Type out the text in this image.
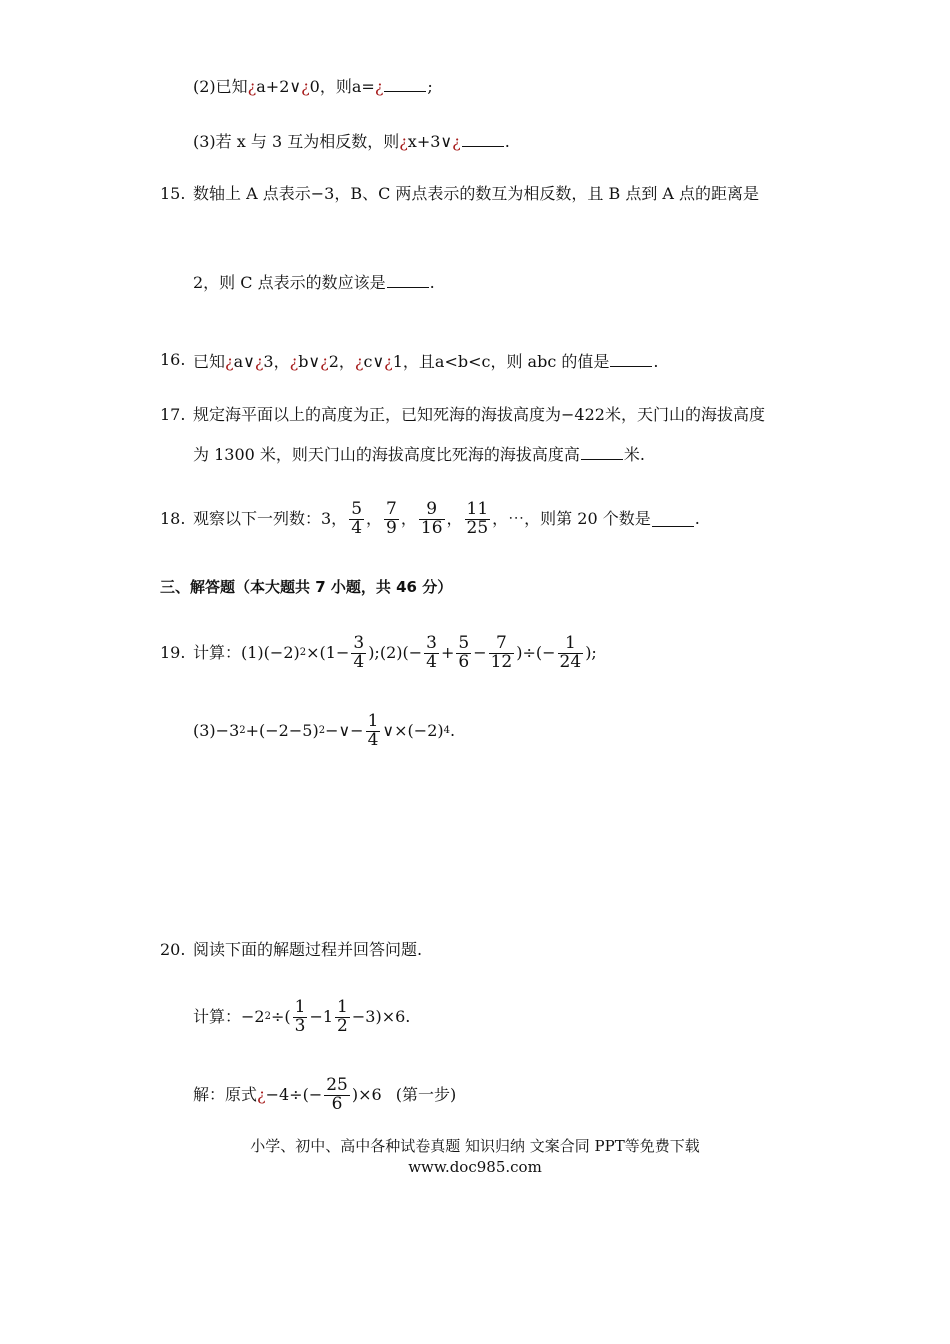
(2)已知¿a+2∨¿0，则a=¿	;
(3)若 x 与 3 互为相反数，则¿x+3∨¿	.
15. 数轴上 A 点表示−3，B、C 两点表示的数互为相反数，且 B 点到 A 点的距离是
2，则 C 点表示的数应该是	.
16. 已知¿a∨¿3，¿b∨¿2，¿c∨¿1，且a<b<c，则 abc 的值是	.
17. 规定海平面以上的高度为正，已知死海的海拔高度为−422米，天门山的海拔高度
为 1300 米，则天门山的海拔高度比死海的海拔高度高	米.
18. 观察以下一列数：3， $\frac{5}{4}$ ， $\frac{7}{9}$ ， $\frac{9}{16}$ ， $\frac{11}{25}$ ，⋯，则第 20 个数是	.
三、解答题（本大题共 7 小题，共 46 分）
19. 计算：(1)(−2) $2 \times(1- \frac{3}{4}$ );(2)(− $\frac{3}{4} + \frac{5}{6} - \frac{7}{12}$ )÷(− $\frac{1}{24}$ );
(3)−3 2 +(−2−5) 2 −∨− $\frac{1}{4}$ ∨×(−2) 4 .
20. 阅读下面的解题过程并回答问题.
计算：−2 2 ÷( $\frac{1}{3} -1 \frac{1}{2} -3)\times 6$.
解：原式 ¿ $-4\div(- \frac{25}{6} )\times 6$ (第一步)
小学、初中、高中各种试卷真题 知识归纳 文案合同 PPT等免费下载
www.doc985.com
